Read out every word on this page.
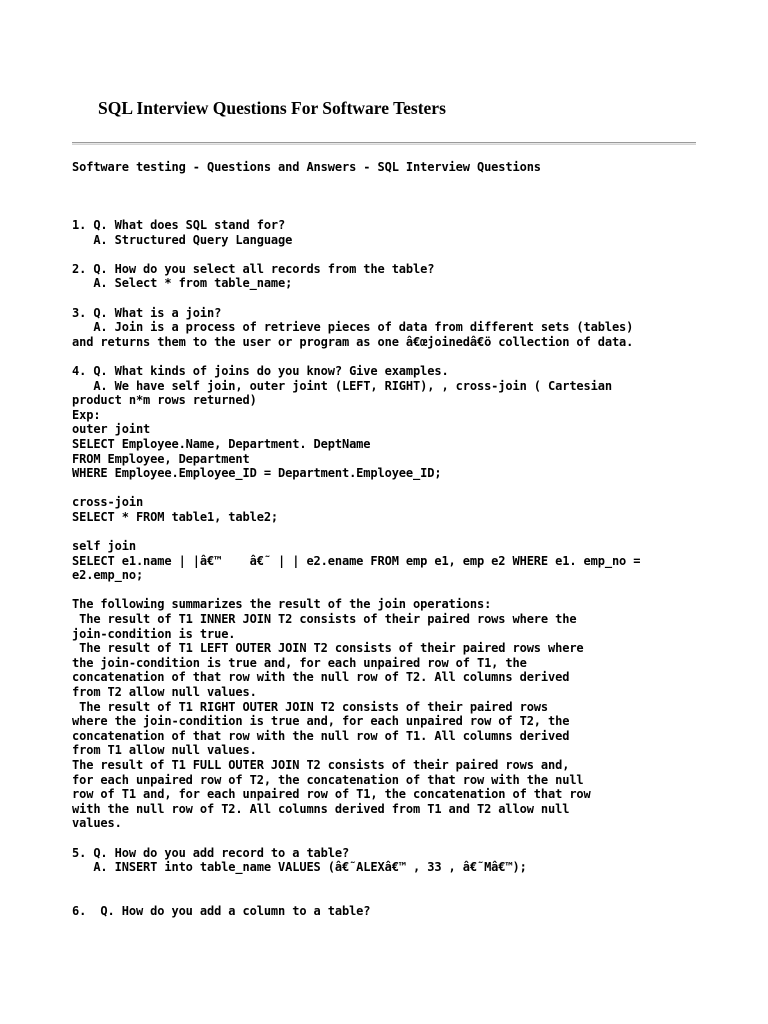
SQL Interview Questions For Software Testers
Software testing - Questions and Answers - SQL Interview Questions
1. Q. What does SQL stand for?
A. Structured Query Language

2. Q. How do you select all records from the table?
A. Select * from table_name;

3. Q. What is a join?
A. Join is a process of retrieve pieces of data from different sets (tables)
and returns them to the user or program as one â€œjoinedâ€ö collection of data.

4. Q. What kinds of joins do you know? Give examples.
A. We have self join, outer joint (LEFT, RIGHT), , cross-join ( Cartesian
product n*m rows returned)
Exp:
outer joint
SELECT Employee.Name, Department. DeptName
FROM Employee, Department
WHERE Employee.Employee_ID = Department.Employee_ID;

cross-join
SELECT * FROM table1, table2;

self join
SELECT e1.name | |â€™    â€˜ | | e2.ename FROM emp e1, emp e2 WHERE e1. emp_no =
e2.emp_no;

The following summarizes the result of the join operations:
The result of T1 INNER JOIN T2 consists of their paired rows where the
join-condition is true.
The result of T1 LEFT OUTER JOIN T2 consists of their paired rows where
the join-condition is true and, for each unpaired row of T1, the
concatenation of that row with the null row of T2. All columns derived
from T2 allow null values.
The result of T1 RIGHT OUTER JOIN T2 consists of their paired rows
where the join-condition is true and, for each unpaired row of T2, the
concatenation of that row with the null row of T1. All columns derived
from T1 allow null values.
The result of T1 FULL OUTER JOIN T2 consists of their paired rows and,
for each unpaired row of T2, the concatenation of that row with the null
row of T1 and, for each unpaired row of T1, the concatenation of that row
with the null row of T2. All columns derived from T1 and T2 allow null
values.

5. Q. How do you add record to a table?
A. INSERT into table_name VALUES (â€˜ALEXâ€™ , 33 , â€˜Mâ€™);

6.  Q. How do you add a column to a table?
